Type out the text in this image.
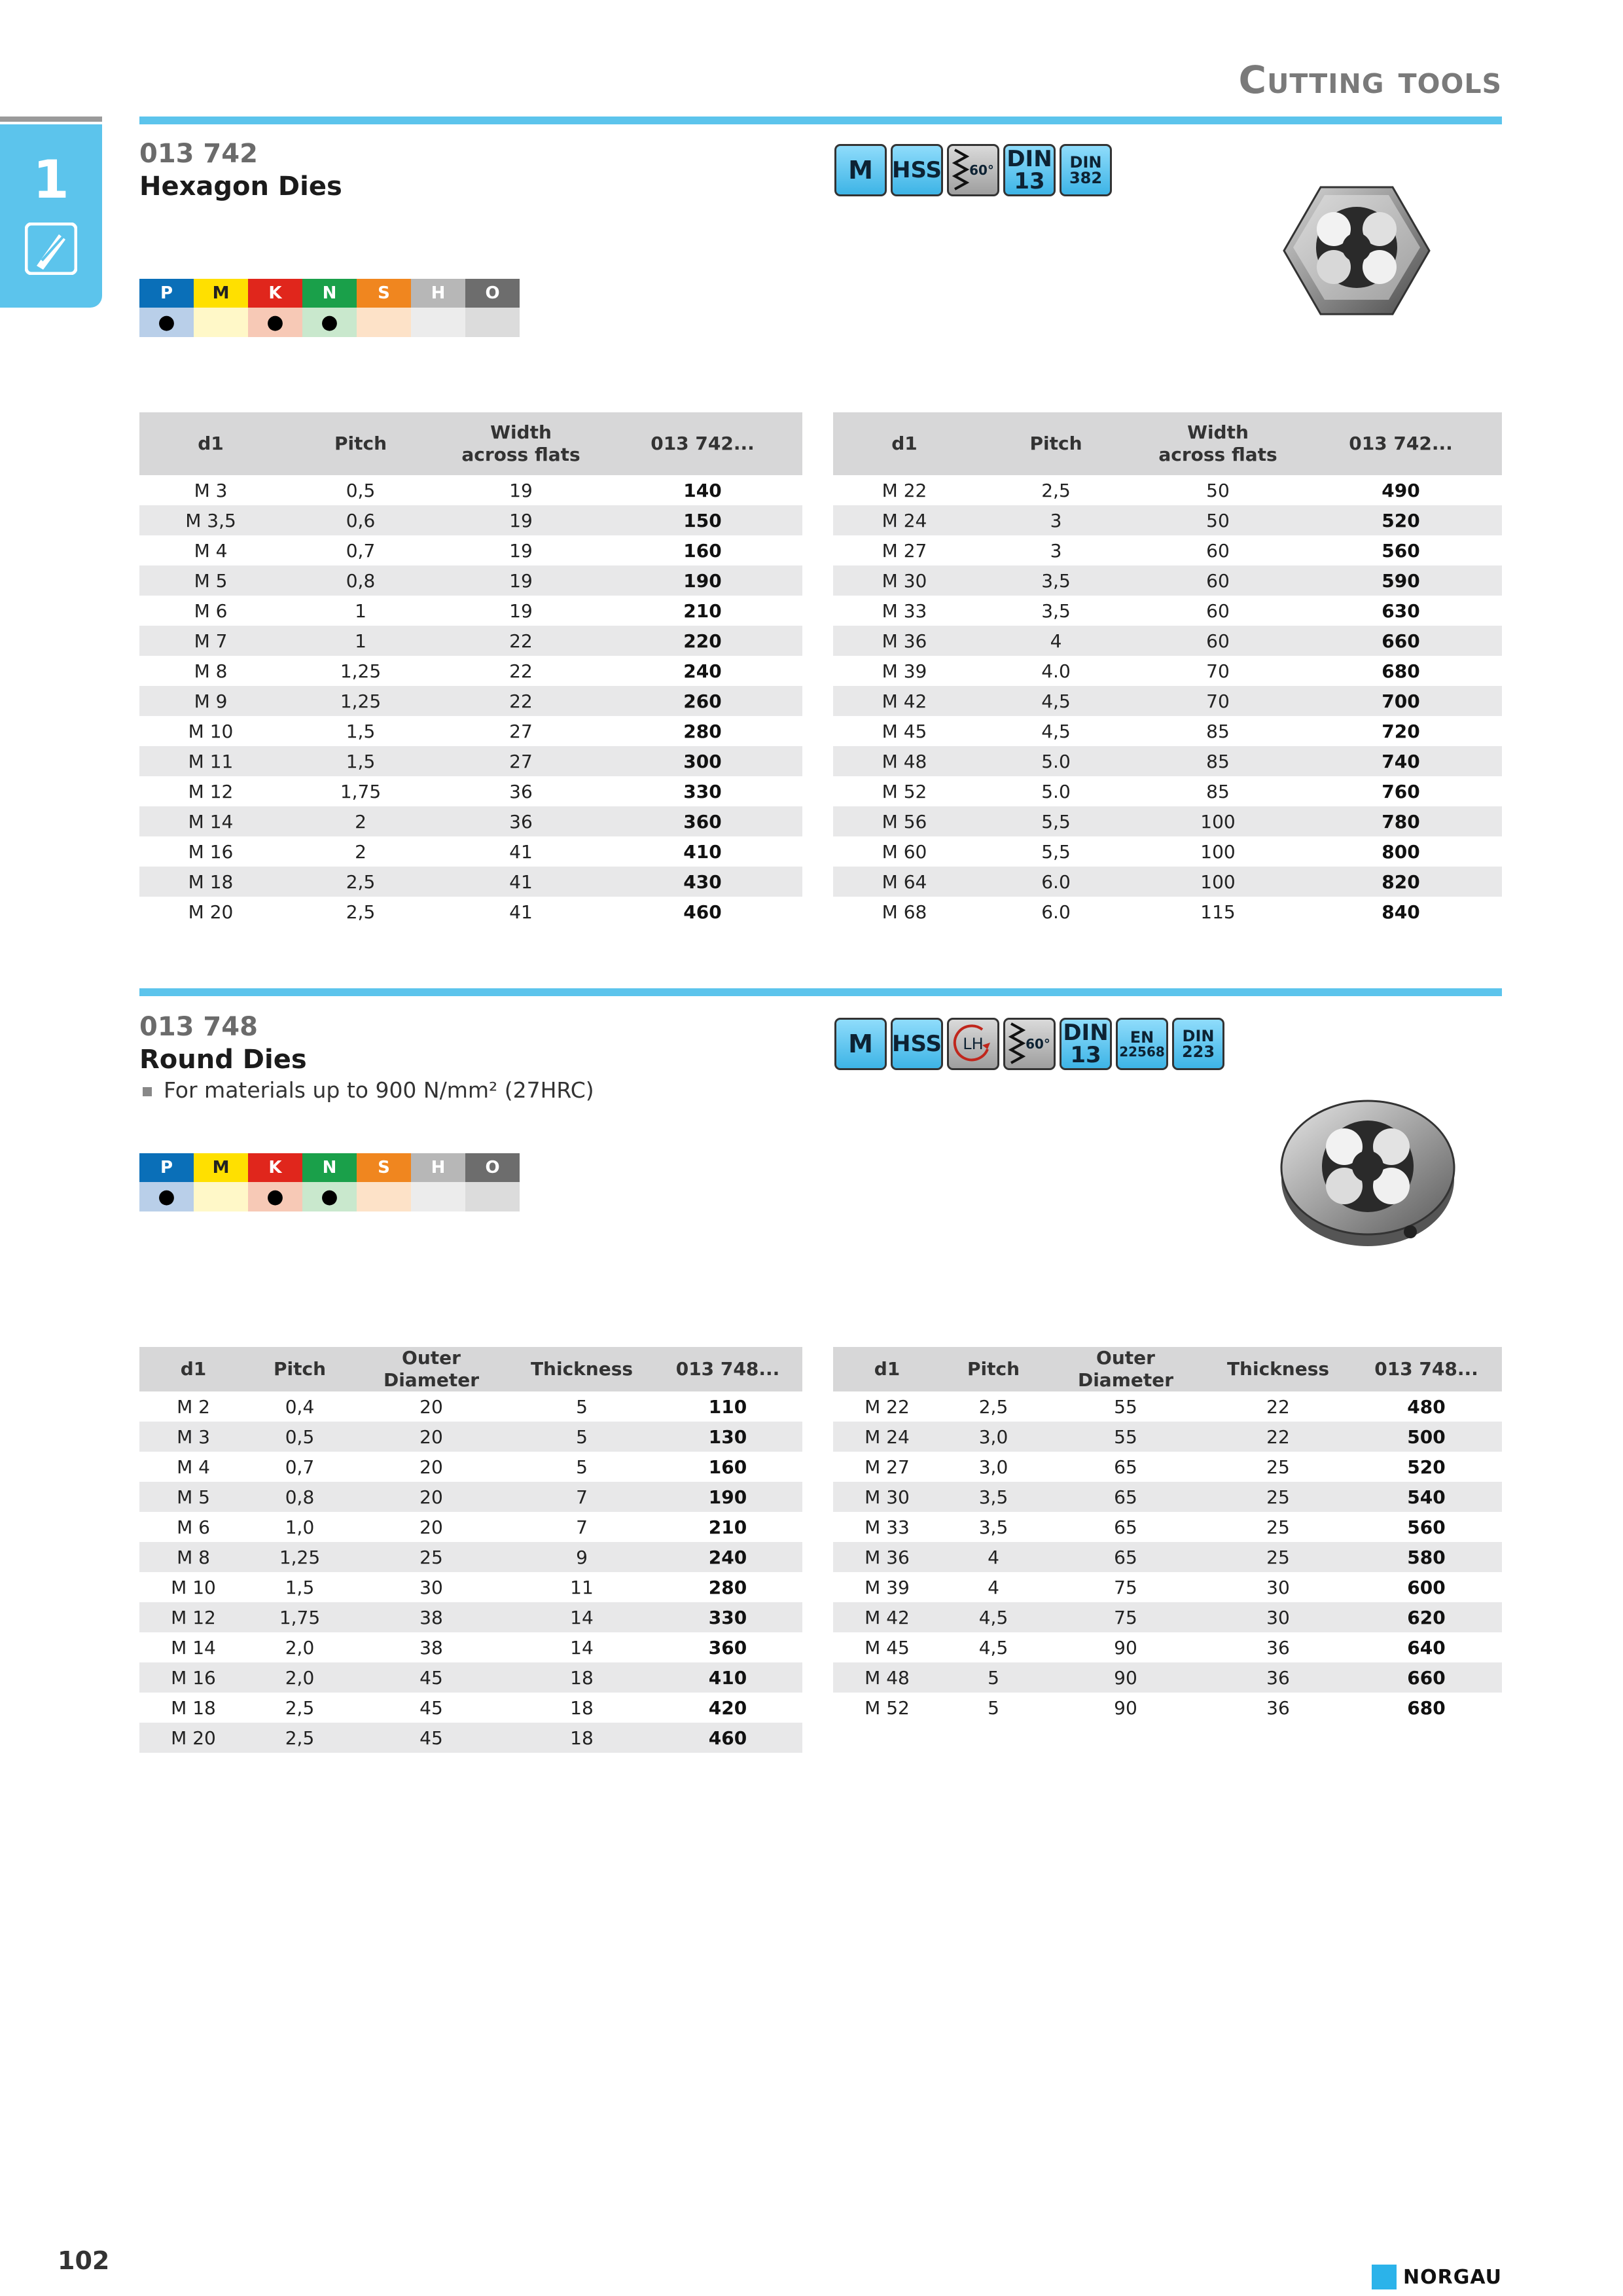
Cutting tools
1	013 742
Hexagon Dies
P
●
M	K
●
N
●
S	H	O
M HSS 60° DIN
13
DIN
382
d1	Pitch	Width
across flats	013 742...
M 3	0,5	19	140
M 3,5	0,6	19	150
M 4	0,7	19	160
M 5	0,8	19	190
M 6	1	19	210
M 7	1	22	220
M 8	1,25	22	240
M 9	1,25	22	260
M 10	1,5	27	280
M 11	1,5	27	300
M 12	1,75	36	330
M 14	2	36	360
M 16	2	41	410
M 18	2,5	41	430
M 20	2,5	41	460
d1	Pitch	Width
across flats	013 742...
M 22	2,5	50	490
M 24	3	50	520
M 27	3	60	560
M 30	3,5	60	590
M 33	3,5	60	630
M 36	4	60	660
M 39	4.0	70	680
M 42	4,5	70	700
M 45	4,5	85	720
M 48	5.0	85	740
M 52	5.0	85	760
M 56	5,5	100	780
M 60	5,5	100	800
M 64	6.0	100	820
M 68	6.0	115	840
013 748
Round Dies
For materials up to 900 N/mm² (27HRC)
P
●
M	K
●
N
●
S	H	O
M HSS LH	60° DIN
13
EN
22568
DIN
223
d1	Pitch	Outer Diameter	Thickness	013 748...
M 2	0,4	20	5	110
M 3	0,5	20	5	130
M 4	0,7	20	5	160
M 5	0,8	20	7	190
M 6	1,0	20	7	210
M 8	1,25	25	9	240
M 10	1,5	30	11	280
M 12	1,75	38	14	330
M 14	2,0	38	14	360
M 16	2,0	45	18	410
M 18	2,5	45	18	420
M 20	2,5	45	18	460
d1	Pitch	Outer Diameter	Thickness	013 748...
M 22	2,5	55	22	480
M 24	3,0	55	22	500
M 27	3,0	65	25	520
M 30	3,5	65	25	540
M 33	3,5	65	25	560
M 36	4	65	25	580
M 39	4	75	30	600
M 42	4,5	75	30	620
M 45	4,5	90	36	640
M 48	5	90	36	660
M 52	5	90	36	680
102
NORGAU
